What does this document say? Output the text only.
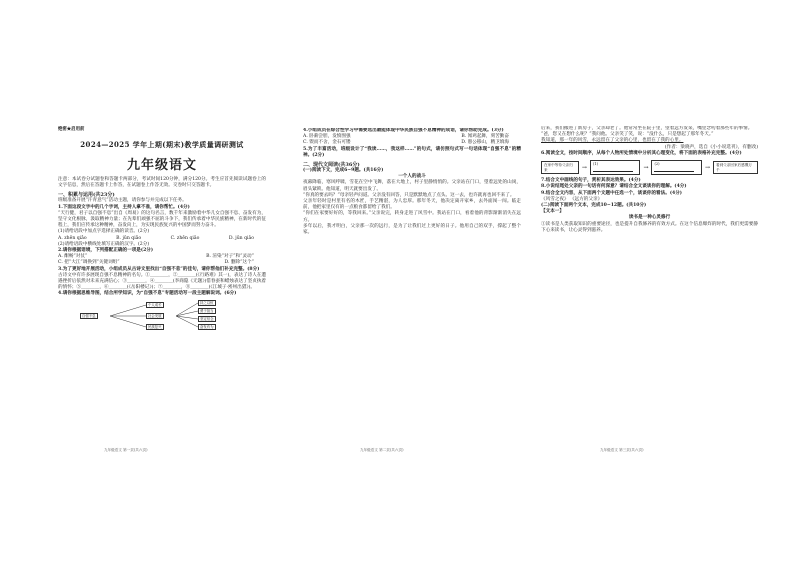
绝密★启用前
2024—2025 学年上期(期末)教学质量调研测试
九年级语文

注意：本试卷分试题卷和答题卡两部分，考试时间120分钟，满分120分。考生应首先阅读试题卷上的文字信息，然后在答题卡上作答，在试题卷上作答无效。交卷时只交答题卡。

一、积累与运用(共23分)

班级准备开展“汗青意气”活动主题，请你参与并完成以下任务。

1.下面这段文字中的几个字词，主持人拿不准，请你帮忙。(4分)

“天行健，君子以自强不息”出自《周易》的这句名言，数千年来激励着中华儿女自强不息、奋发有为，坚守文化根脉，汲取精神力量；在先辈们顽强不屈的斗争下，我们传承着中华民族精神，在新时代的征程上，我们应传承这种精神，奋发向上，为实现民族复兴的中国梦而努力奋斗。

(1)请给语段中加点字选择正确的读音。(2分)

A. zhēn qiǎo	B. jūn qiǎo	C. zhēn qiāo	D. jūn qiāo

(2)请给语段中横线处填写正确的汉字。(2分)

2.请你根据语境，下列搭配正确的一项是(2分)

A. 酣畅“对仗”	B. 渲染“对子”和“灵动”
C. 把“大江”调换到“关键词组”	D. 删除“这个”

3.为了更好地开展活动，小组成员从古诗文里找出“自强不息”的佳句，请你帮他们补充完整。(8分)

古诗文中有许多展现自强不息精神的名句。①＿＿＿＿，②＿＿＿＿(《行路难》其一)，表达了诗人在遭遇挫折后依然对未来充满信心；③＿＿＿＿，④＿＿＿＿(李商隐《无题》)借春蚕和蜡烛表达了坚贞执着的情怀；⑤＿＿＿＿，⑥＿＿＿＿(《岳阳楼记》)；⑦＿＿＿＿，⑧＿＿＿＿(《江城子·密州出猎》)。

4.请你根据思维导图，结合所学知识，为“自强不息”专题活动写一段主题解说词。(6分)

自强不息
个人成长
社会发展
民族复兴
持之以恒
勇于担当
坚定信念
奋发有为
九年级语文 第一页(共六页)

4.小组成员在综合性学习中需要选出最能体现中华民族自强不息精神的成语，请你帮助完成。(3分)

A. 卧薪尝胆，发愤图强	B. 闻鸡起舞，刻苦勤奋
C. 锲而不舍，金石可镂	D. 愚公移山，精卫填海

5.为了丰富活动，班级设计了“我读……，我这样……”的句式，请仿照句式写一句话体现“自强不息”的精神。(2分)

二、现代文阅读(共36分)

(一)阅读下文，完成6~9题。(共16分)

一个人的战斗

夜幕降临，寒风呼啸，雪花在空中飞舞，落在大地上，村子里静悄悄的。父亲站在门口，望着远处的山岗，眉头紧锁。他知道，明天就要出发了。

“你真的要去吗？”母亲轻声问道。父亲没有回答，只是默默地点了点头。这一去，也许就再也回不来了。

父亲年轻时是村里有名的木匠，手艺精湛，为人忠厚。那年冬天，他决定离开家乡，去外面闯一闯。临走前，他把家里仅有的一点粮食都留给了我们。

“你们在家要好好的，等我回来。”父亲说完，转身走进了风雪中。我站在门口，看着他的背影渐渐消失在远方。

多年以后，我才明白，父亲那一次的远行，是为了让我们过上更好的日子。他用自己的双手，撑起了整个家。

九年级语文 第二页(共六页)

后来，我们搬进了新房子，父亲却老了。他常常坐在院子里，望着远方发呆，嘴里念叨着那些年的事情。

“爸，您又在想什么呢？”我问他。父亲笑了笑，说：“没什么，只是想起了那年冬天。”

我知道，那一年的风雪，永远留在了父亲的心里，也留在了我的心里。

(作者：梁晓声，选自《小小说选刊》，有删改)

6.阅读全文，按时间顺序，从每个人物所处情境中分析其心理变化，将下面的表格补充完整。(4分)

在家中等待父亲归来	→	(1)	→	(2)	→	看到父亲回家后感慨万千

7.结合文中画线的句子，赏析其表达效果。(4分)

8.小说结尾处父亲的一句话有何深意？请结合全文谈谈你的理解。(4分)

9.结合全文内容，从下面两个文题中任选一个，谈谈你的看法。(4分)

《风雪之夜》 《远方的父亲》

(二)阅读下面两个文本，完成10~12题。(共10分)

【文本一】

读书是一种心灵修行

①读书是人类获取知识的重要途径，也是提升自我修养的有效方式。在这个信息爆炸的时代，我们更需要静下心来读书，让心灵得到滋养。

九年级语文 第三页(共六页)
